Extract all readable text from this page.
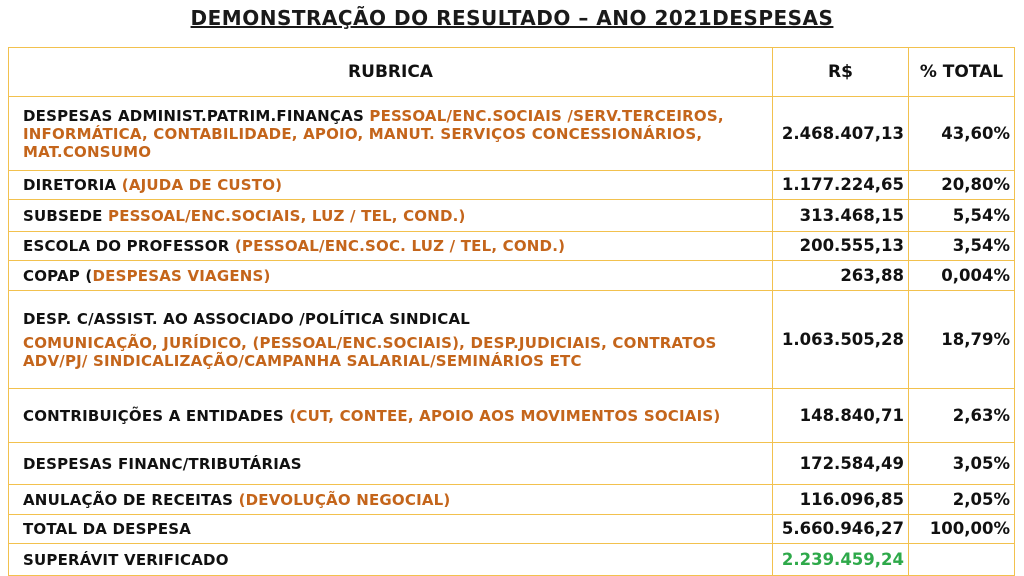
DEMONSTRAÇÃO DO RESULTADO – ANO 2021DESPESAS
RUBRICA	R$	% TOTAL
DESPESAS ADMINIST.PATRIM.FINANÇAS PESSOAL/ENC.SOCIAIS /SERV.TERCEIROS, INFORMÁTICA, CONTABILIDADE, APOIO, MANUT. SERVIÇOS CONCESSIONÁRIOS, MAT.CONSUMO	2.468.407,13	43,60%
DIRETORIA (AJUDA DE CUSTO)	1.177.224,65	20,80%
SUBSEDE PESSOAL/ENC.SOCIAIS, LUZ / TEL, COND.)	313.468,15	5,54%
ESCOLA DO PROFESSOR (PESSOAL/ENC.SOC. LUZ / TEL, COND.)	200.555,13	3,54%
COPAP (DESPESAS VIAGENS)	263,88	0,004%
DESP. C/ASSIST. AO ASSOCIADO /POLÍTICA SINDICAL
COMUNICAÇÃO, JURÍDICO, (PESSOAL/ENC.SOCIAIS), DESP.JUDICIAIS, CONTRATOS ADV/PJ/ SINDICALIZAÇÃO/CAMPANHA SALARIAL/SEMINÁRIOS ETC	1.063.505,28	18,79%
CONTRIBUIÇÕES A ENTIDADES (CUT, CONTEE, APOIO AOS MOVIMENTOS SOCIAIS)	148.840,71	2,63%
DESPESAS FINANC/TRIBUTÁRIAS	172.584,49	3,05%
ANULAÇÃO DE RECEITAS (DEVOLUÇÃO NEGOCIAL)	116.096,85	2,05%
TOTAL DA DESPESA	5.660.946,27	100,00%
SUPERÁVIT VERIFICADO	2.239.459,24	
